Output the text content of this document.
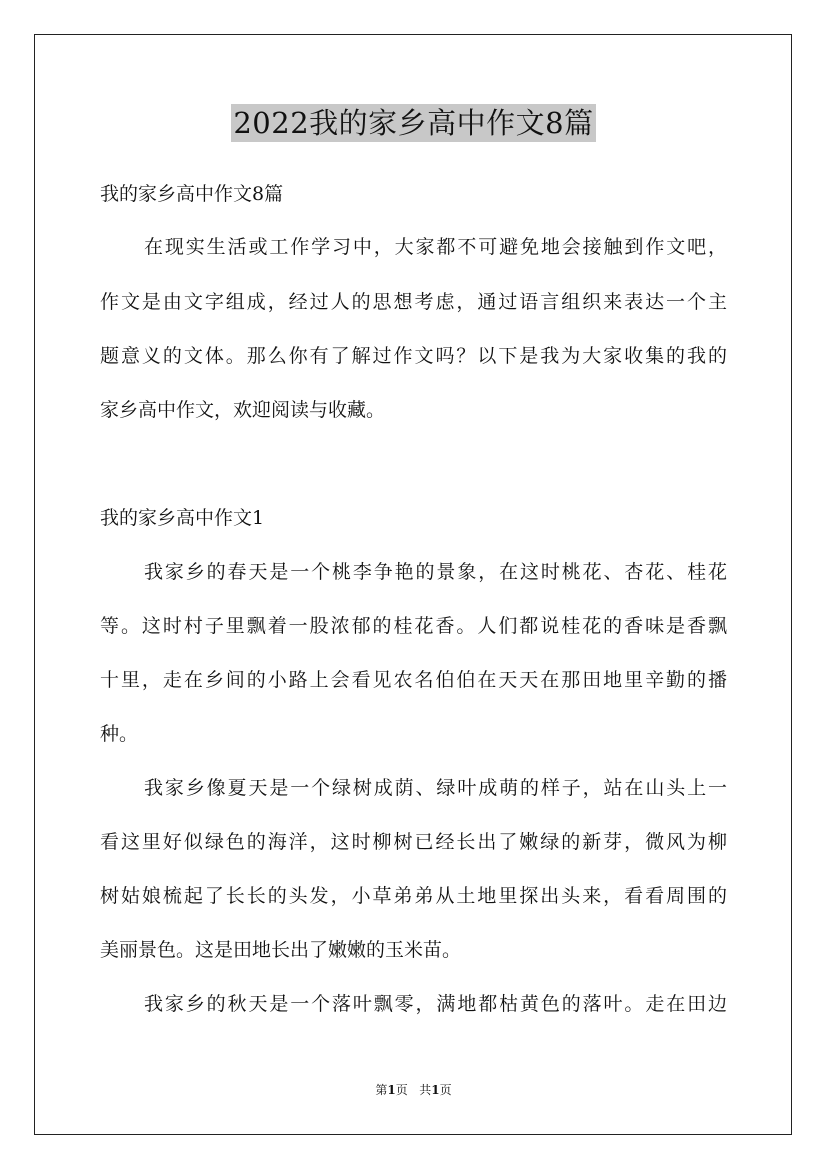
2022我的家乡高中作文8篇
我的家乡高中作文8篇
在现实生活或工作学习中，大家都不可避免地会接触到作文吧，
作文是由文字组成，经过人的思想考虑，通过语言组织来表达一个主
题意义的文体。那么你有了解过作文吗？以下是我为大家收集的我的
家乡高中作文，欢迎阅读与收藏。
我的家乡高中作文1
我家乡的春天是一个桃李争艳的景象，在这时桃花、杏花、桂花
等。这时村子里飘着一股浓郁的桂花香。人们都说桂花的香味是香飘
十里，走在乡间的小路上会看见农名伯伯在天天在那田地里辛勤的播
种。
我家乡像夏天是一个绿树成荫、绿叶成萌的样子，站在山头上一
看这里好似绿色的海洋，这时柳树已经长出了嫩绿的新芽，微风为柳
树姑娘梳起了长长的头发，小草弟弟从土地里探出头来，看看周围的
美丽景色。这是田地长出了嫩嫩的玉米苗。
我家乡的秋天是一个落叶飘零，满地都枯黄色的落叶。走在田边
第1页   共1页
